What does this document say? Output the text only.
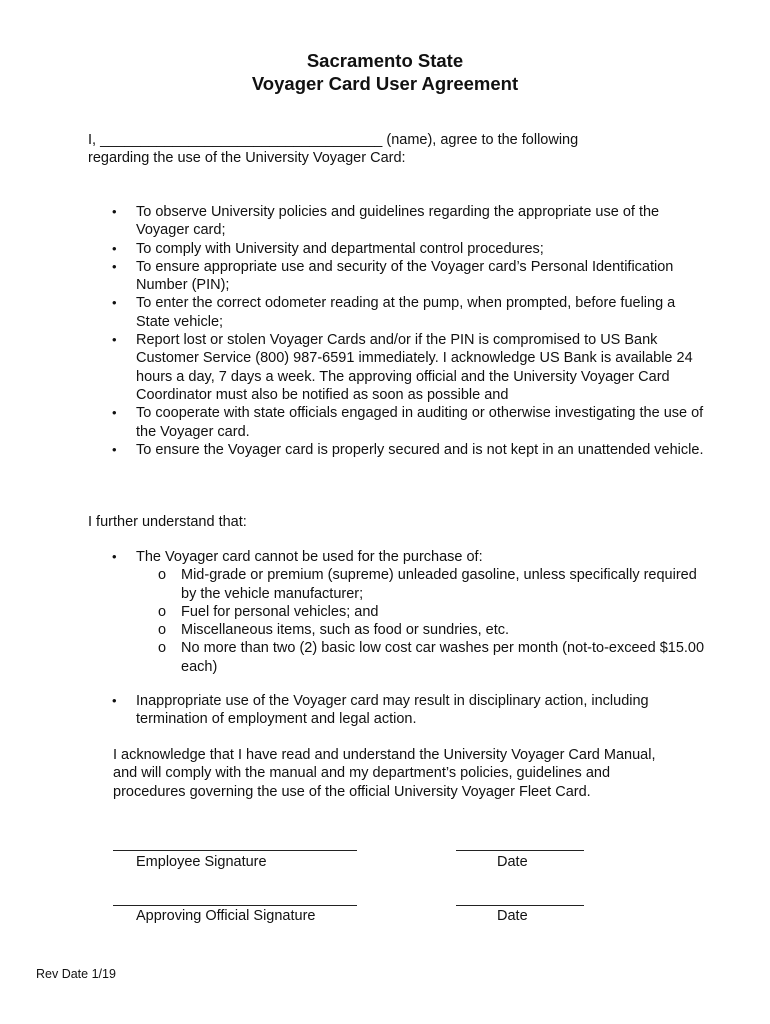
Sacramento State
Voyager Card User Agreement

I, ___________________________________ (name), agree to the following
regarding the use of the University Voyager Card:

• To observe University policies and guidelines regarding the appropriate use of the Voyager card;
• To comply with University and departmental control procedures;
• To ensure appropriate use and security of the Voyager card’s Personal Identification Number (PIN);
• To enter the correct odometer reading at the pump, when prompted, before fueling a State vehicle;
• Report lost or stolen Voyager Cards and/or if the PIN is compromised to US Bank Customer Service (800) 987-6591 immediately. I acknowledge US Bank is available 24 hours a day, 7 days a week. The approving official and the University Voyager Card Coordinator must also be notified as soon as possible and
• To cooperate with state officials engaged in auditing or otherwise investigating the use of the Voyager card.
• To ensure the Voyager card is properly secured and is not kept in an unattended vehicle.

I further understand that:

• The Voyager card cannot be used for the purchase of:
o Mid-grade or premium (supreme) unleaded gasoline, unless specifically required by the vehicle manufacturer;
o Fuel for personal vehicles; and
o Miscellaneous items, such as food or sundries, etc.
o No more than two (2) basic low cost car washes per month (not-to-exceed $15.00 each)
• Inappropriate use of the Voyager card may result in disciplinary action, including termination of employment and legal action.

I acknowledge that I have read and understand the University Voyager Card Manual,
and will comply with the manual and my department’s policies, guidelines and
procedures governing the use of the official University Voyager Fleet Card.

Employee Signature	Date
Approving Official Signature	Date
Rev Date 1/19
